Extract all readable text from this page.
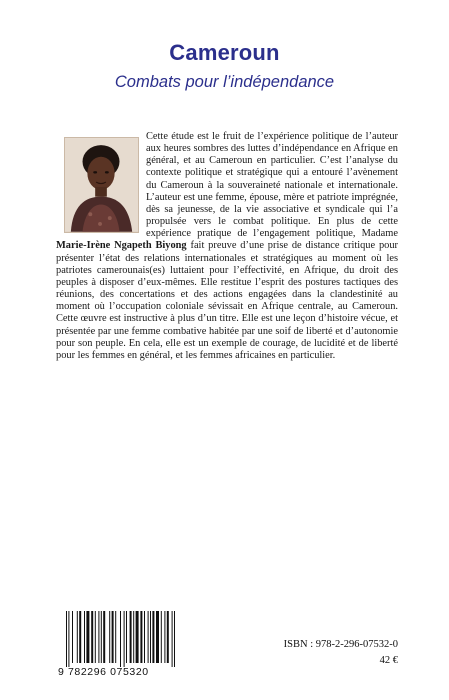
Cameroun
Combats pour l’indépendance

Cette étude est le fruit de l’expérience politique de l’auteur aux heures sombres des luttes d’indépendance en Afrique en général, et au Cameroun en particulier. C’est l’analyse du contexte politique et stratégique qui a entouré l’avènement du Cameroun à la souveraineté nationale et internationale. L’auteur est une femme, épouse, mère et patriote imprégnée, dès sa jeunesse, de la vie associative et syndicale qui l’a propulsée vers le combat politique. En plus de cette expérience pratique de l’engagement politique, Madame Marie-Irène Ngapeth Biyong fait preuve d’une prise de distance critique pour présenter l’état des relations internationales et stratégiques au moment où les patriotes camerounais(es) luttaient pour l’effectivité, en Afrique, du droit des peuples à disposer d’eux-mêmes. Elle restitue l’esprit des postures tactiques des réunions, des concertations et des actions engagées dans la clandestinité au moment où l’occupation coloniale sévissait en Afrique centrale, au Cameroun. Cette œuvre est instructive à plus d’un titre. Elle est une leçon d’histoire vécue, et présentée par une femme combative habitée par une soif de liberté et d’autonomie pour son peuple. En cela, elle est un exemple de courage, de lucidité et de liberté pour les femmes en général, et les femmes africaines en particulier.

9 782296 075320
ISBN : 978-2-296-07532-0
42 €
